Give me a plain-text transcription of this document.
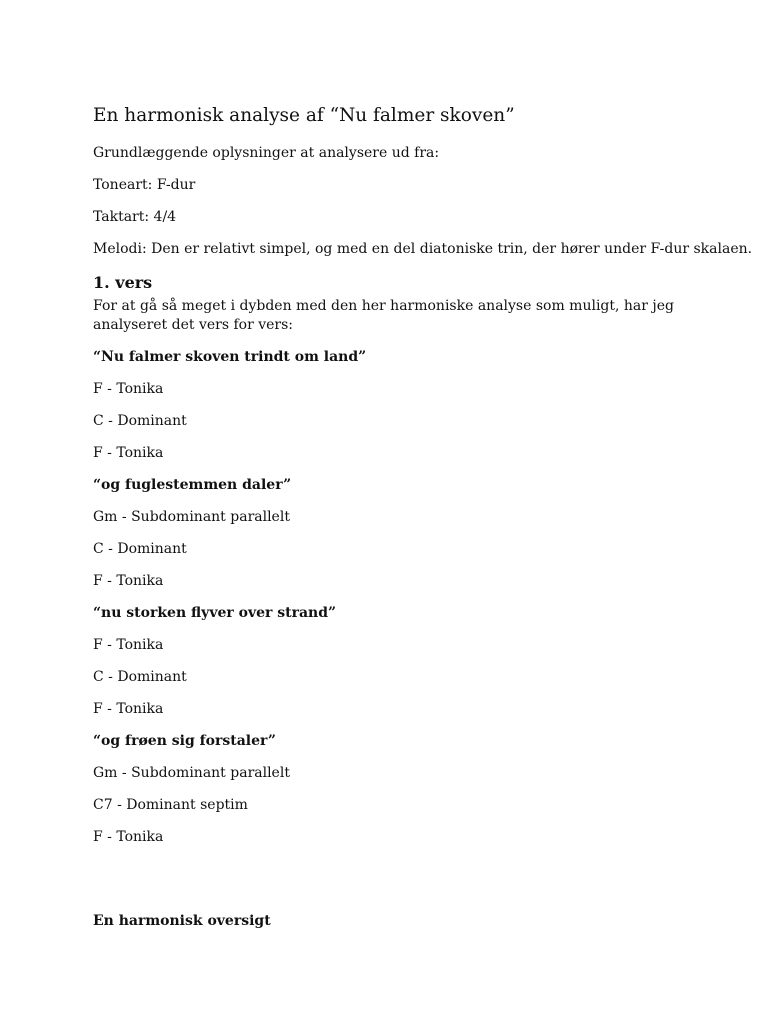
En harmonisk analyse af “Nu falmer skoven”
Grundlæggende oplysninger at analysere ud fra:
Toneart: F-dur
Taktart: 4/4
Melodi: Den er relativt simpel, og med en del diatoniske trin, der hører under F-dur skalaen.
1. vers
For at gå så meget i dybden med den her harmoniske analyse som muligt, har jeg analyseret det vers for vers:
“Nu falmer skoven trindt om land”
F - Tonika
C - Dominant
F - Tonika
“og fuglestemmen daler”
Gm - Subdominant parallelt
C - Dominant
F - Tonika
“nu storken flyver over strand”
F - Tonika
C - Dominant
F - Tonika
“og frøen sig forstaler”
Gm - Subdominant parallelt
C7 - Dominant septim
F - Tonika
En harmonisk oversigt
